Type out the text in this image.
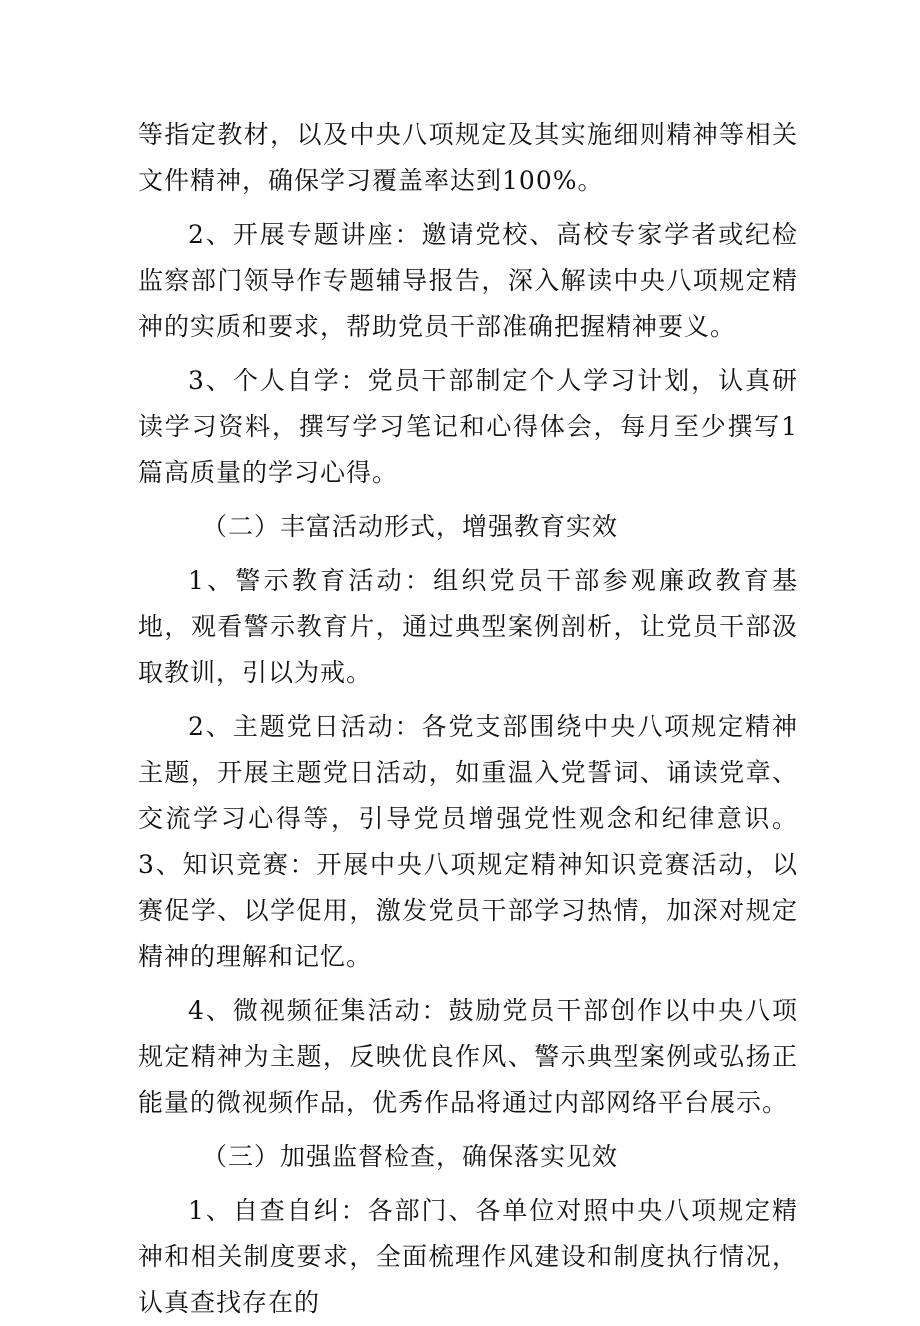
等指定教材，以及中央八项规定及其实施细则精神等相关文件精神，确保学习覆盖率达到100%。

2、开展专题讲座：邀请党校、高校专家学者或纪检监察部门领导作专题辅导报告，深入解读中央八项规定精神的实质和要求，帮助党员干部准确把握精神要义。

3、个人自学：党员干部制定个人学习计划，认真研读学习资料，撰写学习笔记和心得体会，每月至少撰写1篇高质量的学习心得。

（二）丰富活动形式，增强教育实效

1、警示教育活动：组织党员干部参观廉政教育基地，观看警示教育片，通过典型案例剖析，让党员干部汲取教训，引以为戒。

2、主题党日活动：各党支部围绕中央八项规定精神主题，开展主题党日活动，如重温入党誓词、诵读党章、交流学习心得等，引导党员增强党性观念和纪律意识。3、知识竞赛：开展中央八项规定精神知识竞赛活动，以赛促学、以学促用，激发党员干部学习热情，加深对规定精神的理解和记忆。

4、微视频征集活动：鼓励党员干部创作以中央八项规定精神为主题，反映优良作风、警示典型案例或弘扬正能量的微视频作品，优秀作品将通过内部网络平台展示。

（三）加强监督检查，确保落实见效

1、自查自纠：各部门、各单位对照中央八项规定精神和相关制度要求，全面梳理作风建设和制度执行情况，认真查找存在的
